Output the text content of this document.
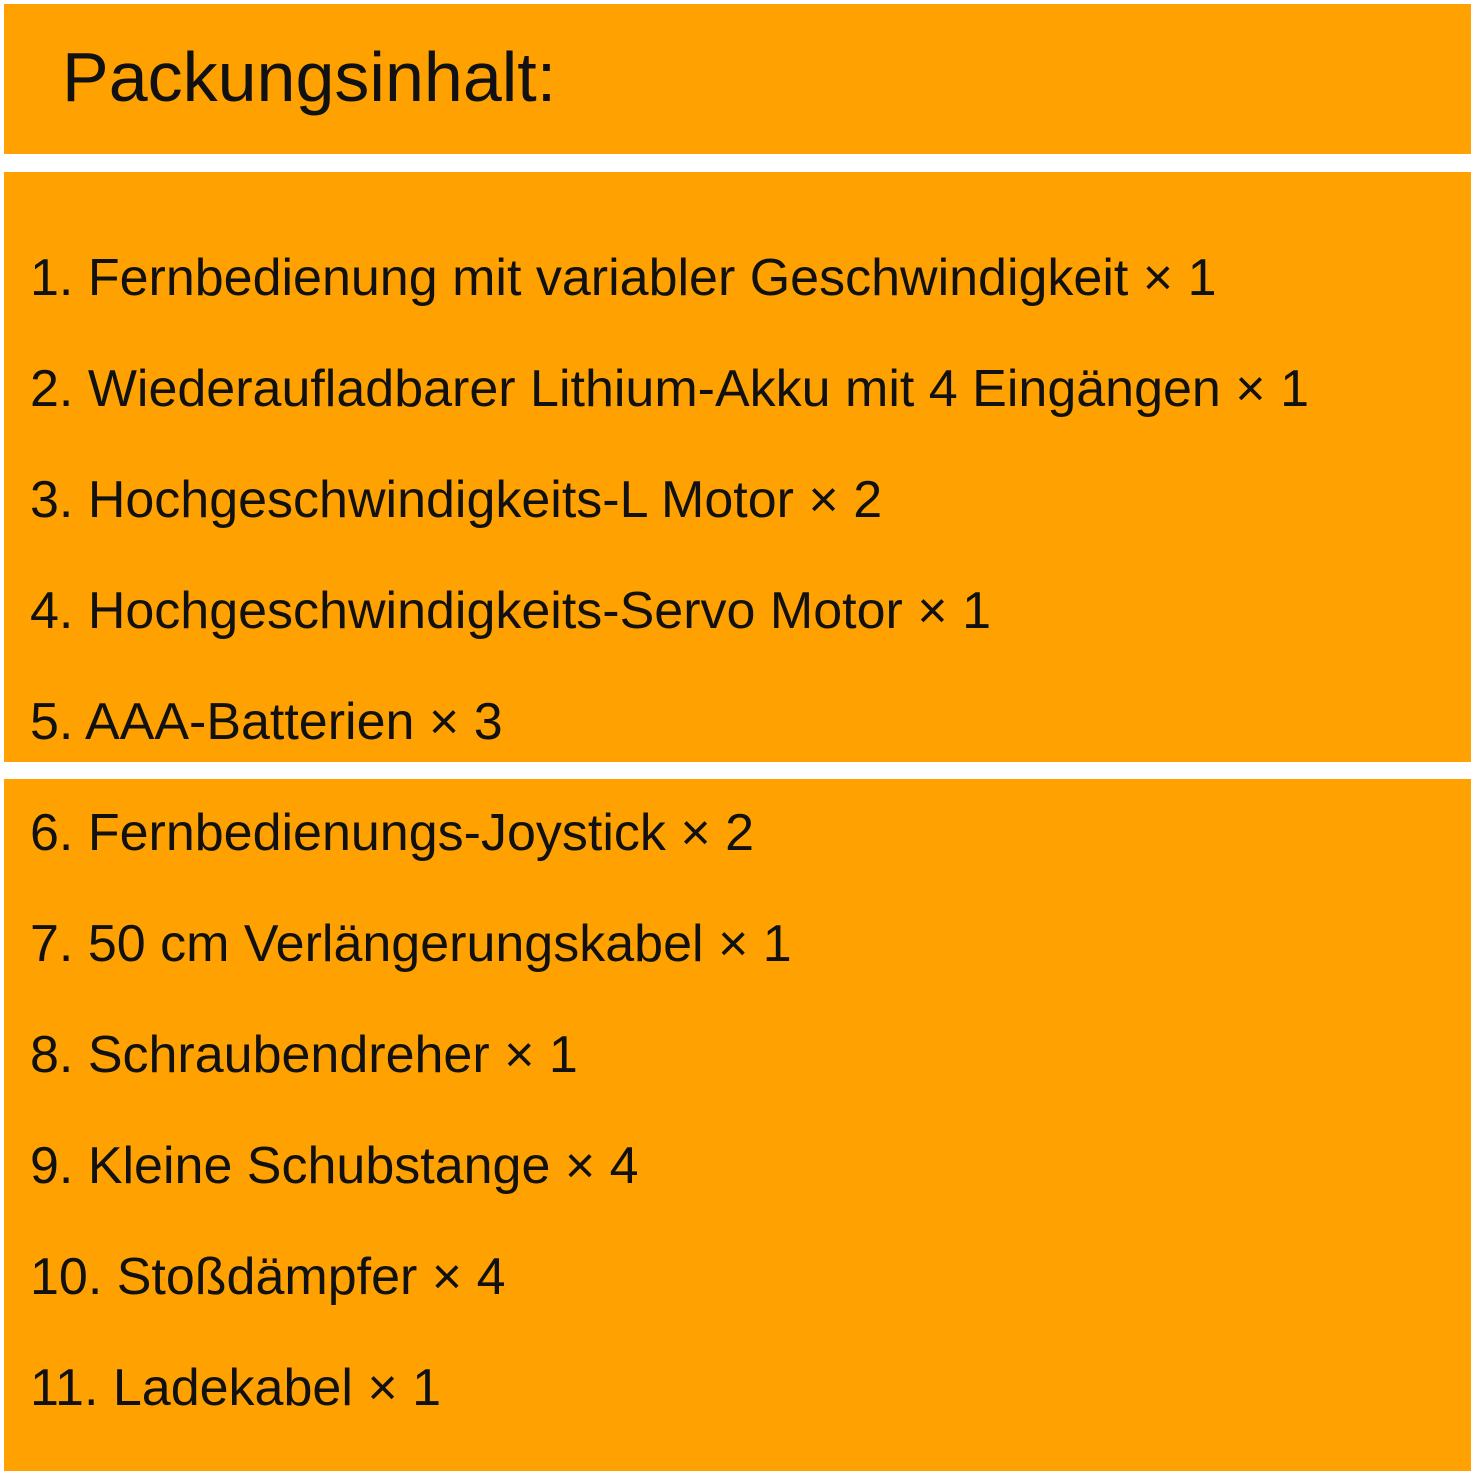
Packungsinhalt:
1. Fernbedienung mit variabler Geschwindigkeit × 1
2. Wiederaufladbarer Lithium-Akku mit 4 Eingängen × 1
3. Hochgeschwindigkeits-L Motor × 2
4. Hochgeschwindigkeits-Servo Motor × 1
5. AAA-Batterien × 3
6. Fernbedienungs-Joystick × 2
7. 50 cm Verlängerungskabel × 1
8. Schraubendreher × 1
9. Kleine Schubstange × 4
10. Stoßdämpfer × 4
11. Ladekabel × 1
